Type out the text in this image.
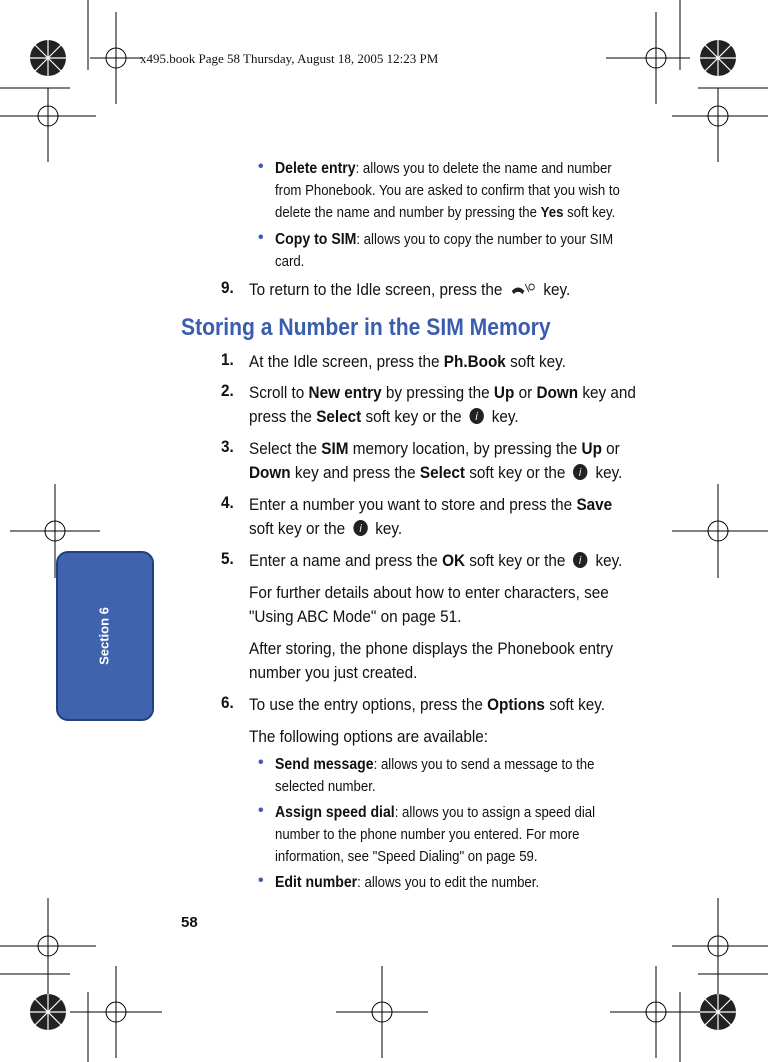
x495.book Page 58 Thursday, August 18, 2005 12:23 PM
Section 6
• Delete entry: allows you to delete the name and number
from Phonebook. You are asked to confirm that you wish to
delete the name and number by pressing the Yes soft key.
• Copy to SIM: allows you to copy the number to your SIM
card.
9. To return to the Idle screen, press the key.
Storing a Number in the SIM Memory
1. At the Idle screen, press the Ph.Book soft key.
2. Scroll to New entry by pressing the Up or Down key and
press the Select soft key or the i key.
3. Select the SIM memory location, by pressing the Up or
Down key and press the Select soft key or the i key.
4. Enter a number you want to store and press the Save
soft key or the i key.
5. Enter a name and press the OK soft key or the i key.
For further details about how to enter characters, see
"Using ABC Mode" on page 51.
After storing, the phone displays the Phonebook entry
number you just created.
6. To use the entry options, press the Options soft key.
The following options are available:
• Send message: allows you to send a message to the
selected number.
• Assign speed dial: allows you to assign a speed dial
number to the phone number you entered. For more
information, see "Speed Dialing" on page 59.
• Edit number: allows you to edit the number.
58
